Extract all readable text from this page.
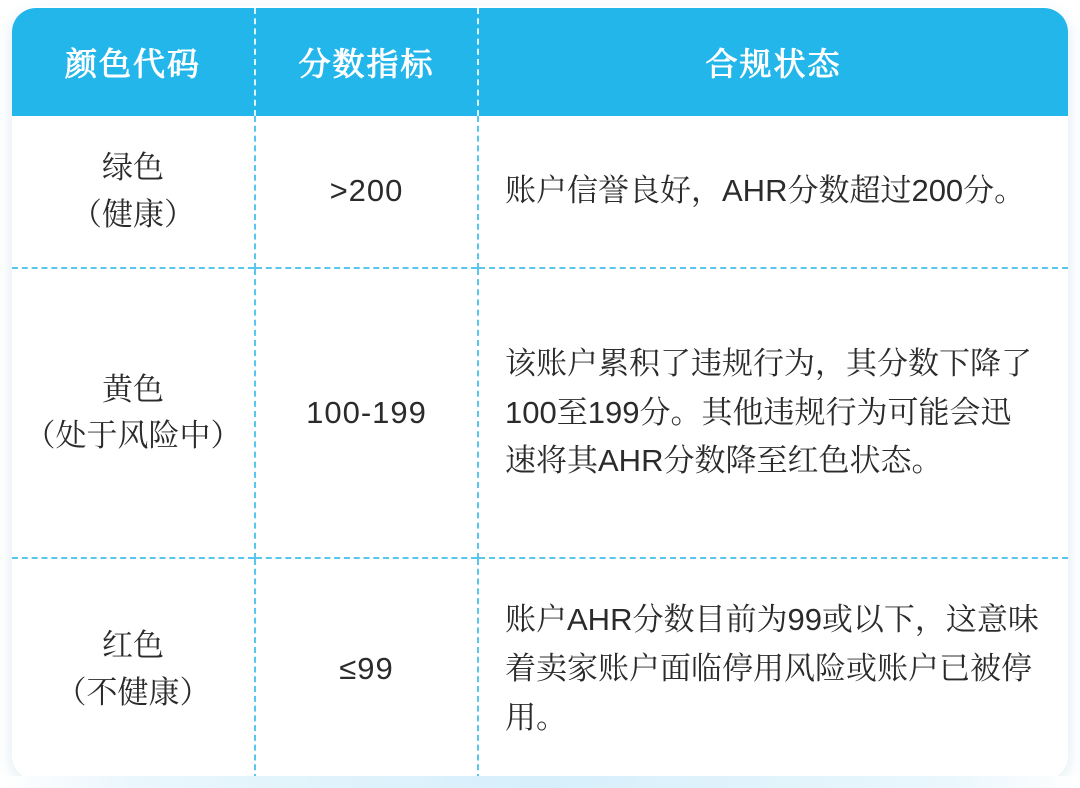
颜色代码	分数指标	合规状态

绿色
（健康）	>200	账户信誉良好，AHR分数超过200分。

黄色
（处于风险中）	100-199	该账户累积了违规行为，其分数下降了100至199分。其他违规行为可能会迅速将其AHR分数降至红色状态。

红色
（不健康）	≤99	账户AHR分数目前为99或以下，这意味着卖家账户面临停用风险或账户已被停用。
